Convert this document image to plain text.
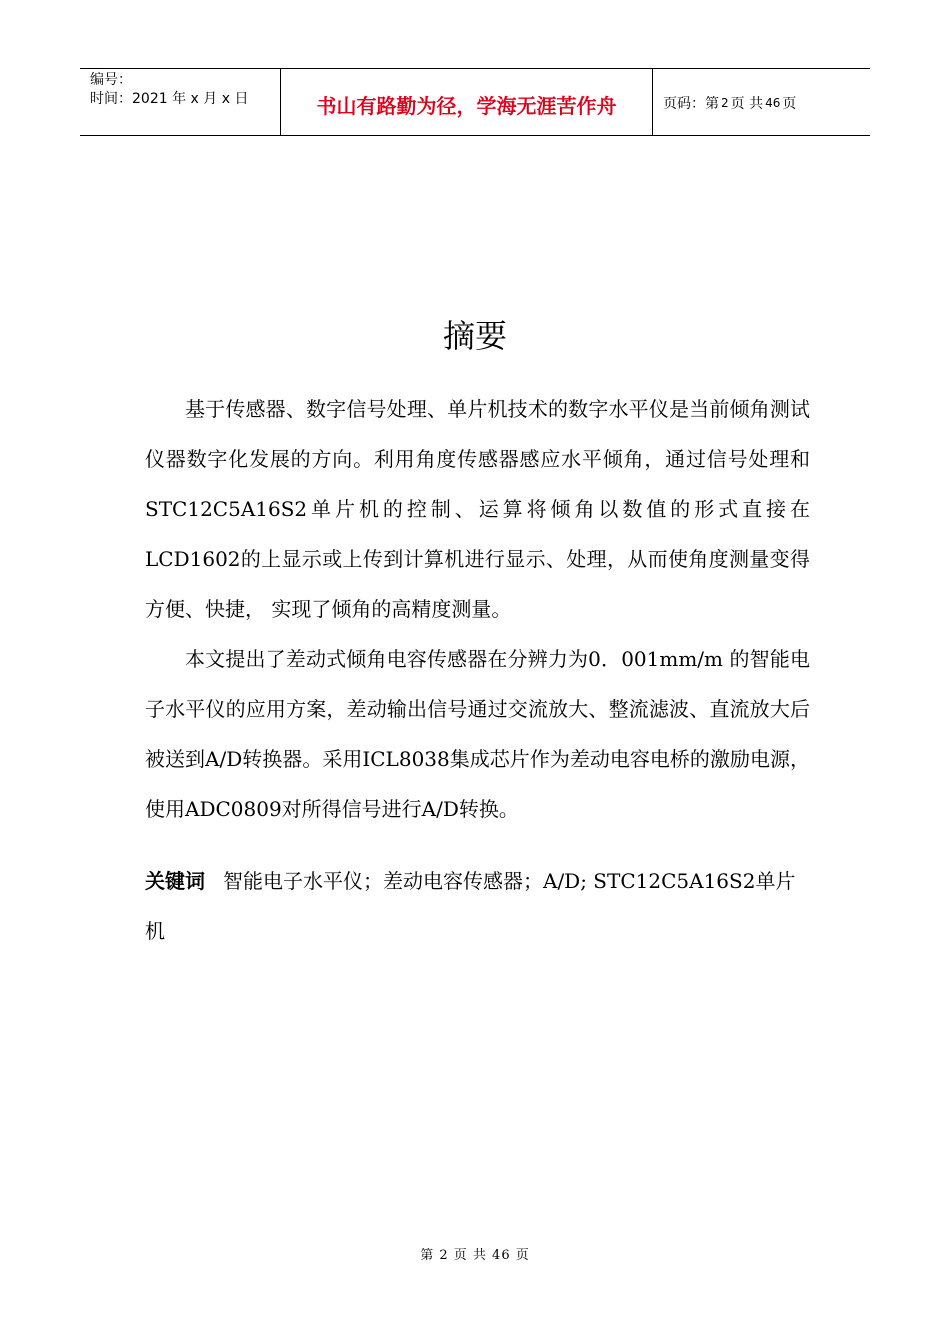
编号：
时间：2021 年 x 月 x 日	书山有路勤为径，学海无涯苦作舟	页码：第 2 页 共 46 页
摘要

基于传感器、数字信号处理、单片机技术的数字水平仪是当前倾角测试仪器数字化发展的方向。利用角度传感器感应水平倾角，通过信号处理和STC12C5A16S2单片机的控制、运算将倾角以数值的形式直接在LCD1602的上显示或上传到计算机进行显示、处理，从而使角度测量变得方便、快捷， 实现了倾角的高精度测量。

本文提出了差动式倾角电容传感器在分辨力为0．001mm/m 的智能电子水平仪的应用方案，差动输出信号通过交流放大、整流滤波、直流放大后被送到A/D转换器。采用ICL8038集成芯片作为差动电容电桥的激励电源，使用ADC0809对所得信号进行A/D转换。

关键词 智能电子水平仪；差动电容传感器；A/D; STC12C5A16S2单片机

第 2 页 共 46 页
